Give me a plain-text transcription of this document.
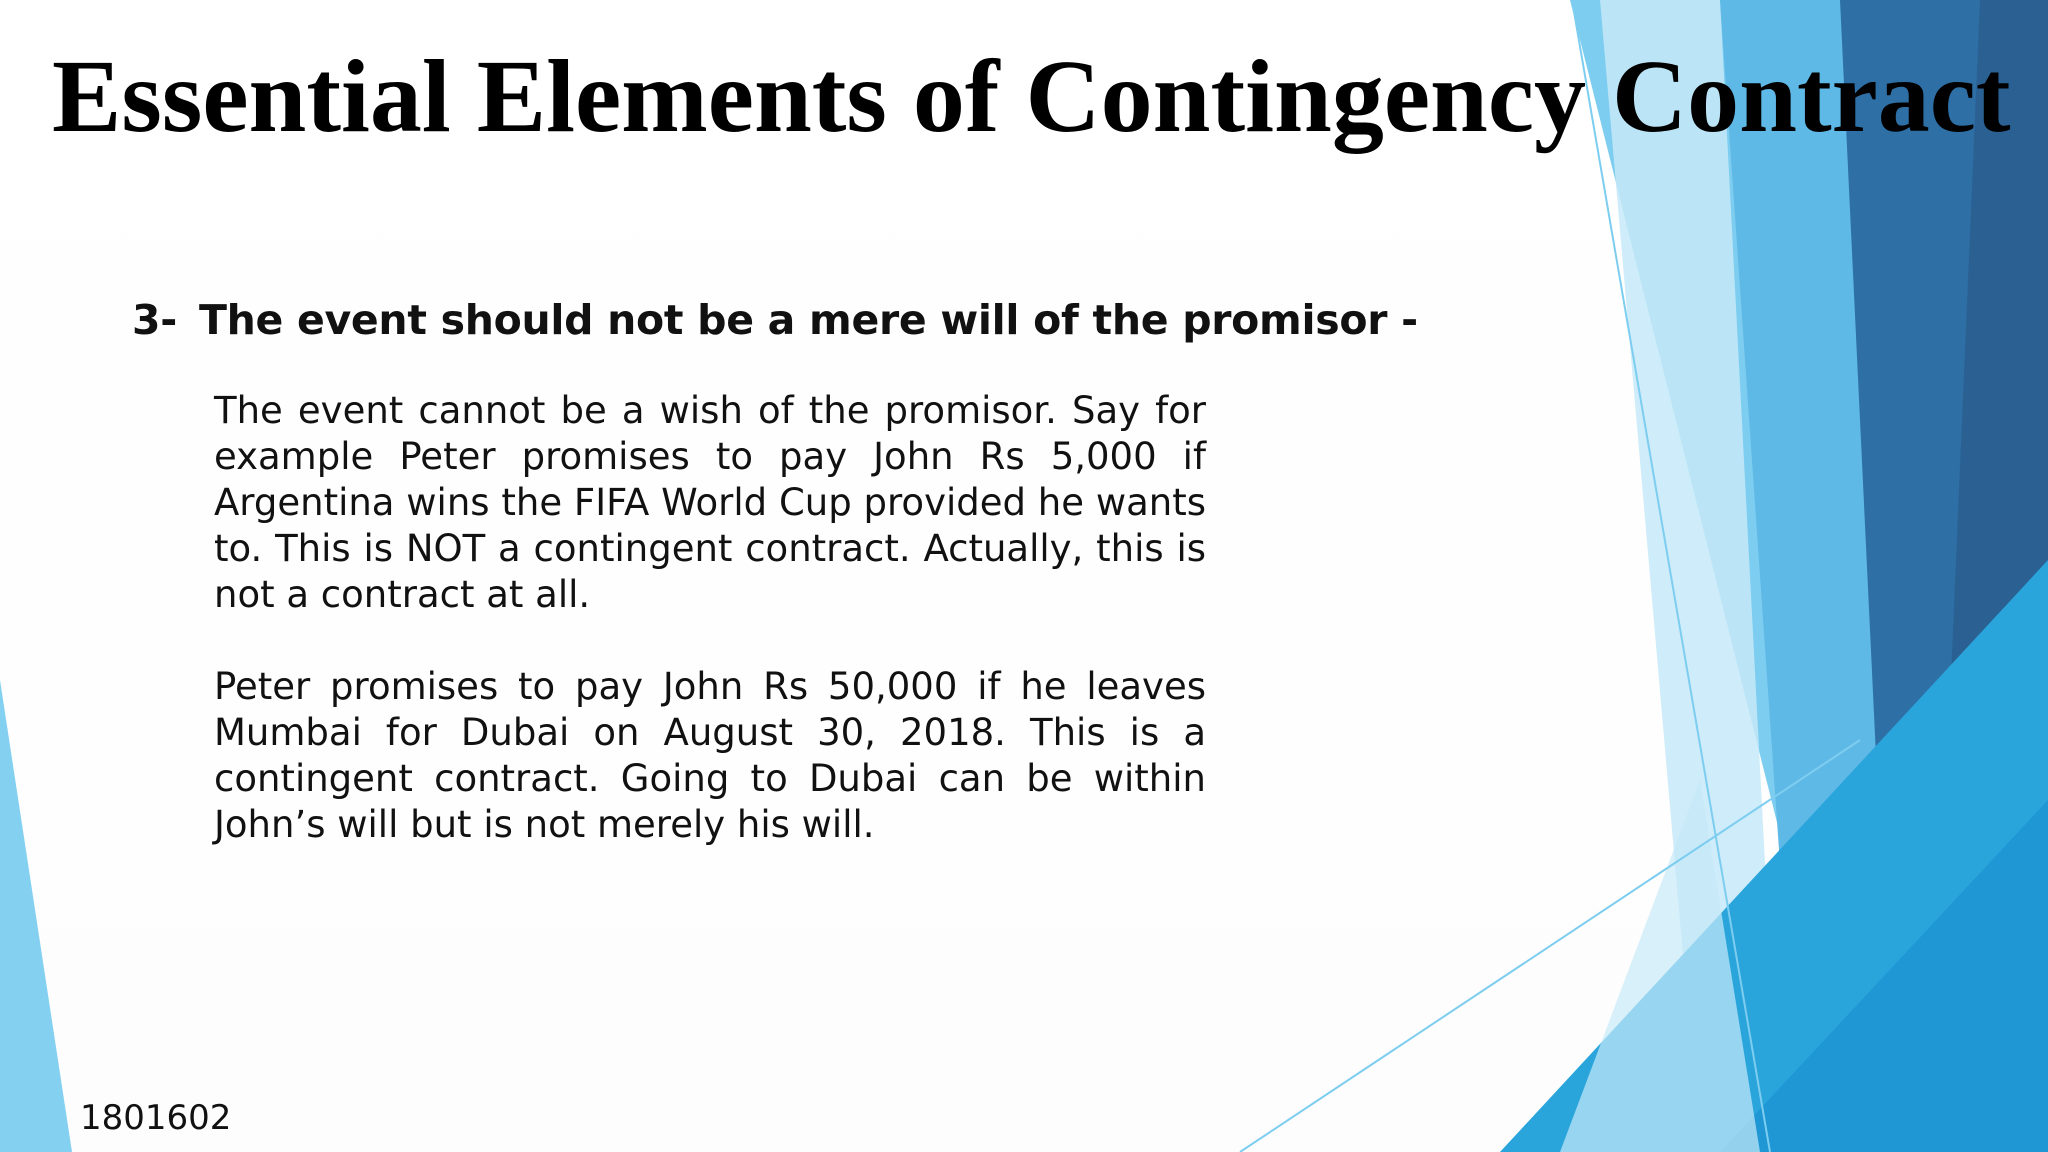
Essential Elements of Contingency Contract
3- The event should not be a mere will of the promisor -

The event cannot be a wish of the promisor. Say for example Peter promises to pay John Rs 5,000 if Argentina wins the FIFA World Cup provided he wants to. This is NOT a contingent contract. Actually, this is not a contract at all.

Peter promises to pay John Rs 50,000 if he leaves Mumbai for Dubai on August 30, 2018. This is a contingent contract. Going to Dubai can be within John’s will but is not merely his will.

1801602
